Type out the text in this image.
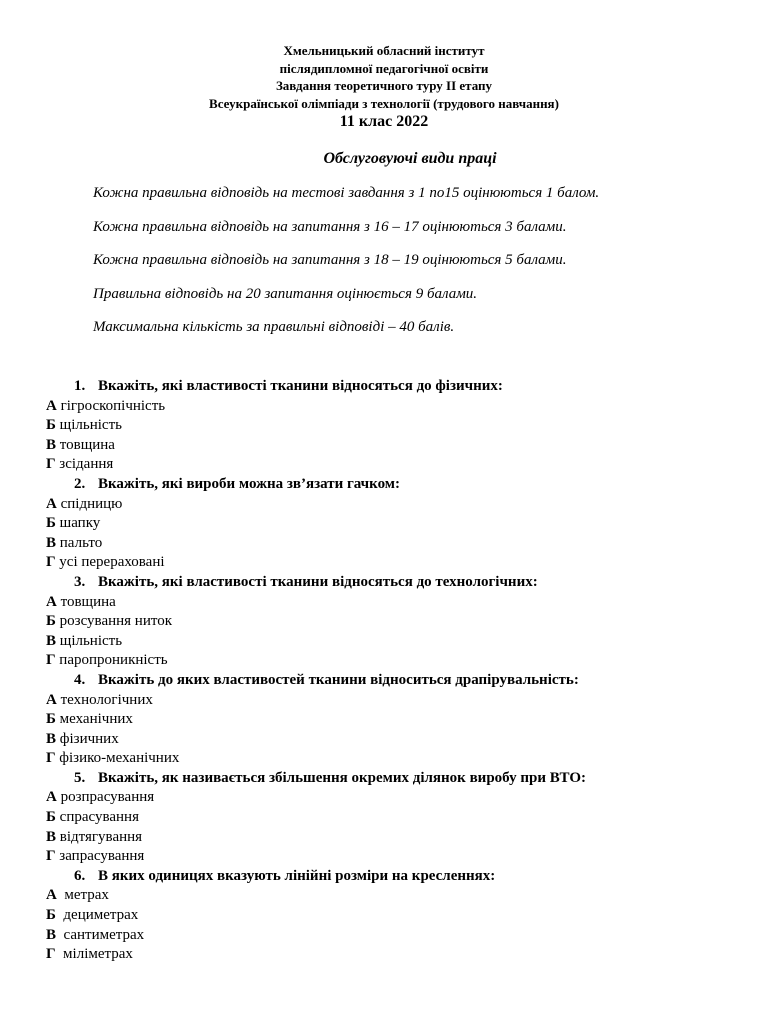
Хмельницький обласний інститут
післядипломної педагогічної освіти
Завдання теоретичного туру ІІ етапу
Всеукраїнської олімпіади з технології (трудового навчання)
11 клас 2022
Обслуговуючі види праці
Кожна правильна відповідь на тестові завдання з 1 по15 оцінюються 1 балом.
Кожна правильна відповідь на запитання з 16 – 17 оцінюються 3 балами.
Кожна правильна відповідь на запитання з 18 – 19 оцінюються 5 балами.
Правильна відповідь на 20 запитання оцінюється 9 балами.
Максимальна кількість за правильні відповіді – 40 балів.
1. Вкажіть, які властивості тканини відносяться до фізичних:
А гігроскопічність
Б щільність
В товщина
Г зсідання
2. Вкажіть, які вироби можна зв’язати гачком:
А спідницю
Б шапку
В пальто
Г усі перераховані
3. Вкажіть, які властивості тканини відносяться до технологічних:
А товщина
Б розсування ниток
В щільність
Г паропроникність
4. Вкажіть до яких властивостей тканини відноситься драпірувальність:
А технологічних
Б механічних
В фізичних
Г фізико-механічних
5. Вкажіть, як називається збільшення окремих ділянок виробу при ВТО:
А розпрасування
Б спрасування
В відтягування
Г запрасування
6. В яких одиницях вказують лінійні розміри на кресленнях:
А  метрах
Б  дециметрах
В  сантиметрах
Г  міліметрах
